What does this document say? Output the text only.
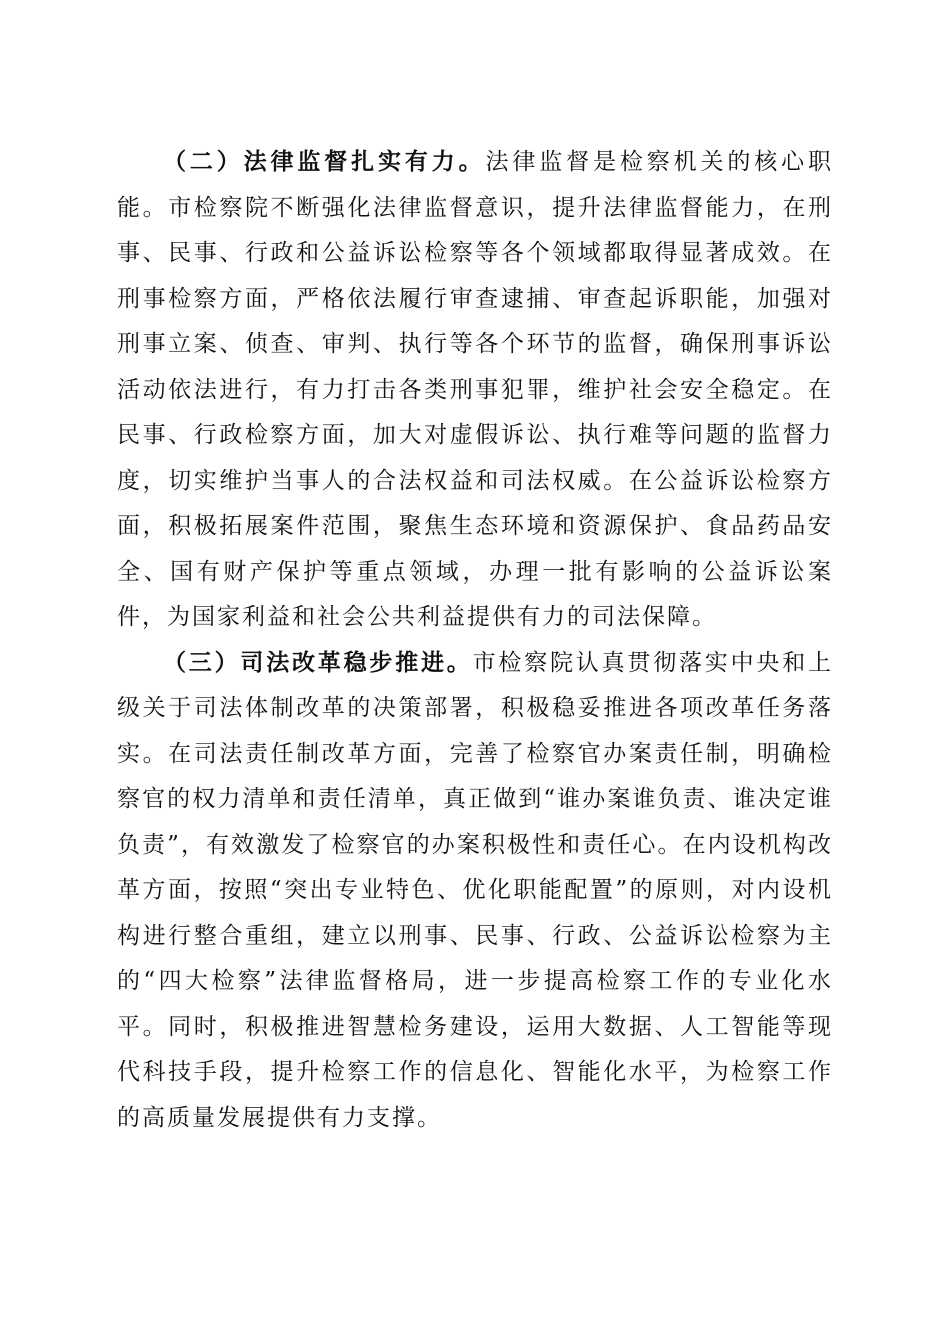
（二）法律监督扎实有力。法律监督是检察机关的核心职能。市检察院不断强化法律监督意识，提升法律监督能力，在刑事、民事、行政和公益诉讼检察等各个领域都取得显著成效。在刑事检察方面，严格依法履行审查逮捕、审查起诉职能，加强对刑事立案、侦查、审判、执行等各个环节的监督，确保刑事诉讼活动依法进行，有力打击各类刑事犯罪，维护社会安全稳定。在民事、行政检察方面，加大对虚假诉讼、执行难等问题的监督力度，切实维护当事人的合法权益和司法权威。在公益诉讼检察方面，积极拓展案件范围，聚焦生态环境和资源保护、食品药品安全、国有财产保护等重点领域，办理一批有影响的公益诉讼案件，为国家利益和社会公共利益提供有力的司法保障。

（三）司法改革稳步推进。市检察院认真贯彻落实中央和上级关于司法体制改革的决策部署，积极稳妥推进各项改革任务落实。在司法责任制改革方面，完善了检察官办案责任制，明确检察官的权力清单和责任清单，真正做到“谁办案谁负责、谁决定谁负责”，有效激发了检察官的办案积极性和责任心。在内设机构改革方面，按照“突出专业特色、优化职能配置”的原则，对内设机构进行整合重组，建立以刑事、民事、行政、公益诉讼检察为主的“四大检察”法律监督格局，进一步提高检察工作的专业化水平。同时，积极推进智慧检务建设，运用大数据、人工智能等现代科技手段，提升检察工作的信息化、智能化水平，为检察工作的高质量发展提供有力支撑。
